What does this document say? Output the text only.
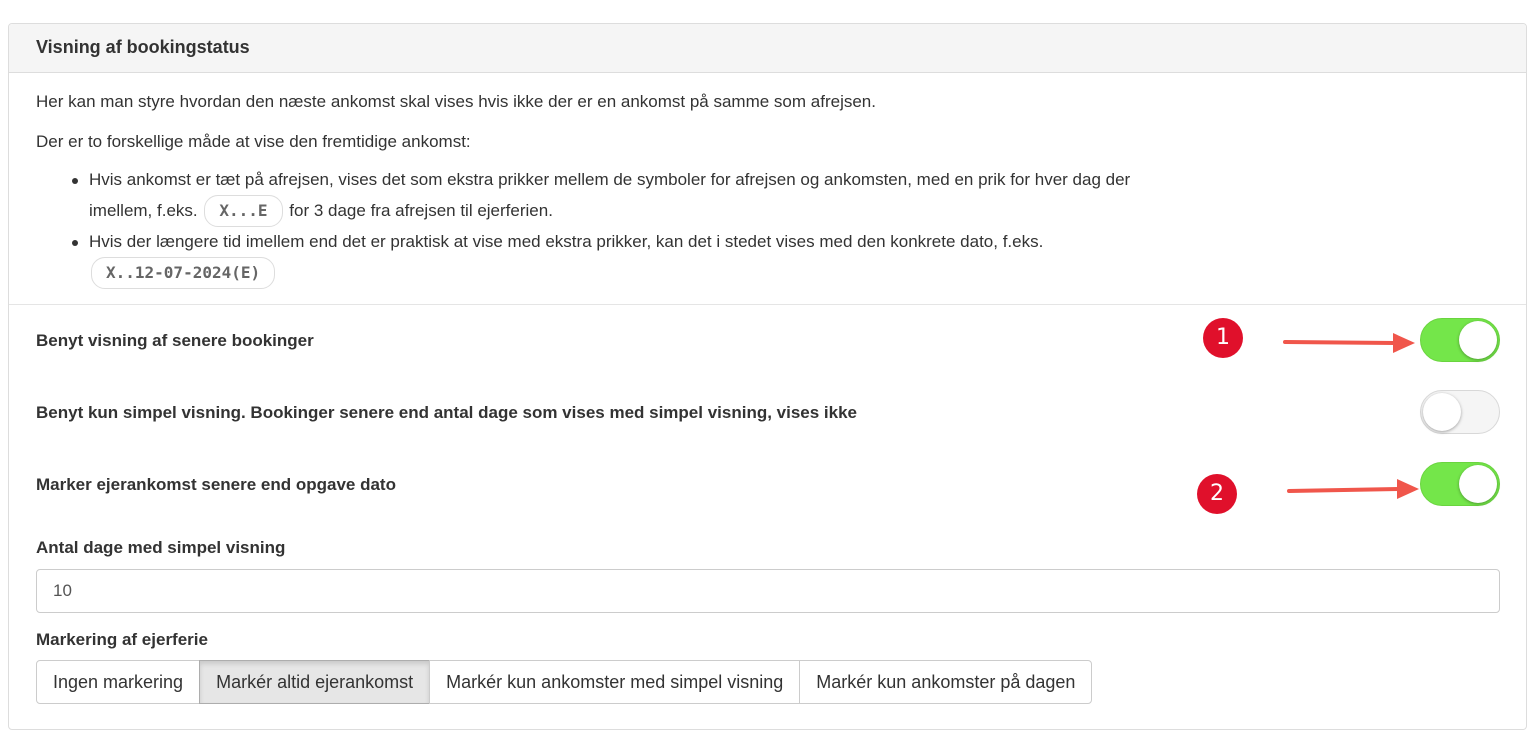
Visning af bookingstatus

Her kan man styre hvordan den næste ankomst skal vises hvis ikke der er en ankomst på samme som afrejsen.

Der er to forskellige måde at vise den fremtidige ankomst:

Hvis ankomst er tæt på afrejsen, vises det som ekstra prikker mellem de symboler for afrejsen og ankomsten, med en prik for hver dag der imellem, f.eks. X...E for 3 dage fra afrejsen til ejerferien.
Hvis der længere tid imellem end det er praktisk at vise med ekstra prikker, kan det i stedet vises med den konkrete dato, f.eks. X..12-07-2024(E)
Benyt visning af senere bookinger	1
Benyt kun simpel visning. Bookinger senere end antal dage som vises med simpel visning, vises ikke
Marker ejerankomst senere end opgave dato	2
Antal dage med simpel visning
10
Markering af ejerferie
Ingen markering	Markér altid ejerankomst	Markér kun ankomster med simpel visning	Markér kun ankomster på dagen
